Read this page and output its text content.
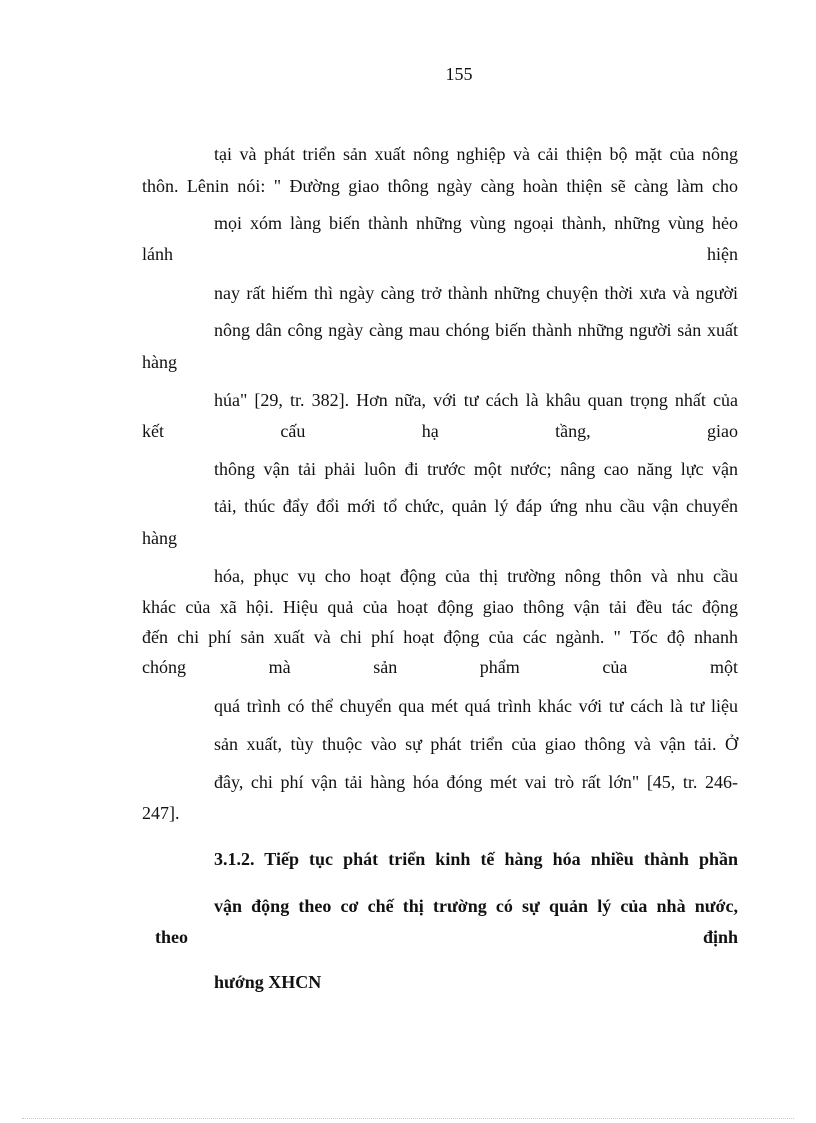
155
tại và phát triển sản xuất nông nghiệp và cải thiện bộ mặt của nông
thôn. Lênin nói: " Đường giao thông ngày càng hoàn thiện sẽ càng làm cho
mọi xóm làng biến thành những vùng ngoại thành, những vùng hẻo
lánh hiện
nay rất hiếm thì ngày càng trở thành những chuyện thời xưa và người
nông dân công ngày càng mau chóng biến thành những người sản xuất
hàng
húa" [29, tr. 382]. Hơn nữa, với tư cách là khâu quan trọng nhất của
kết cấu hạ tầng, giao
thông vận tải phải luôn đi trước một nước; nâng cao năng lực vận
tải, thúc đẩy đổi mới tổ chức, quản lý đáp ứng nhu cầu vận chuyển
hàng
hóa, phục vụ cho hoạt động của thị trường nông thôn và nhu cầu
khác của xã hội. Hiệu quả của hoạt động giao thông vận tải đều tác động
đến chi phí sản xuất và chi phí hoạt động của các ngành. " Tốc độ nhanh
chóng mà sản phẩm của một
quá trình có thể chuyển qua mét quá trình khác với tư cách là tư liệu
sản xuất, tùy thuộc vào sự phát triển của giao thông và vận tải. Ở
đây, chi phí vận tải hàng hóa đóng mét vai trò rất lớn" [45, tr. 246-
247].
3.1.2. Tiếp tục phát triển kinh tế hàng hóa nhiều thành phần
vận động theo cơ chế thị trường có sự quản lý của nhà nước,
theo định
hướng XHCN
